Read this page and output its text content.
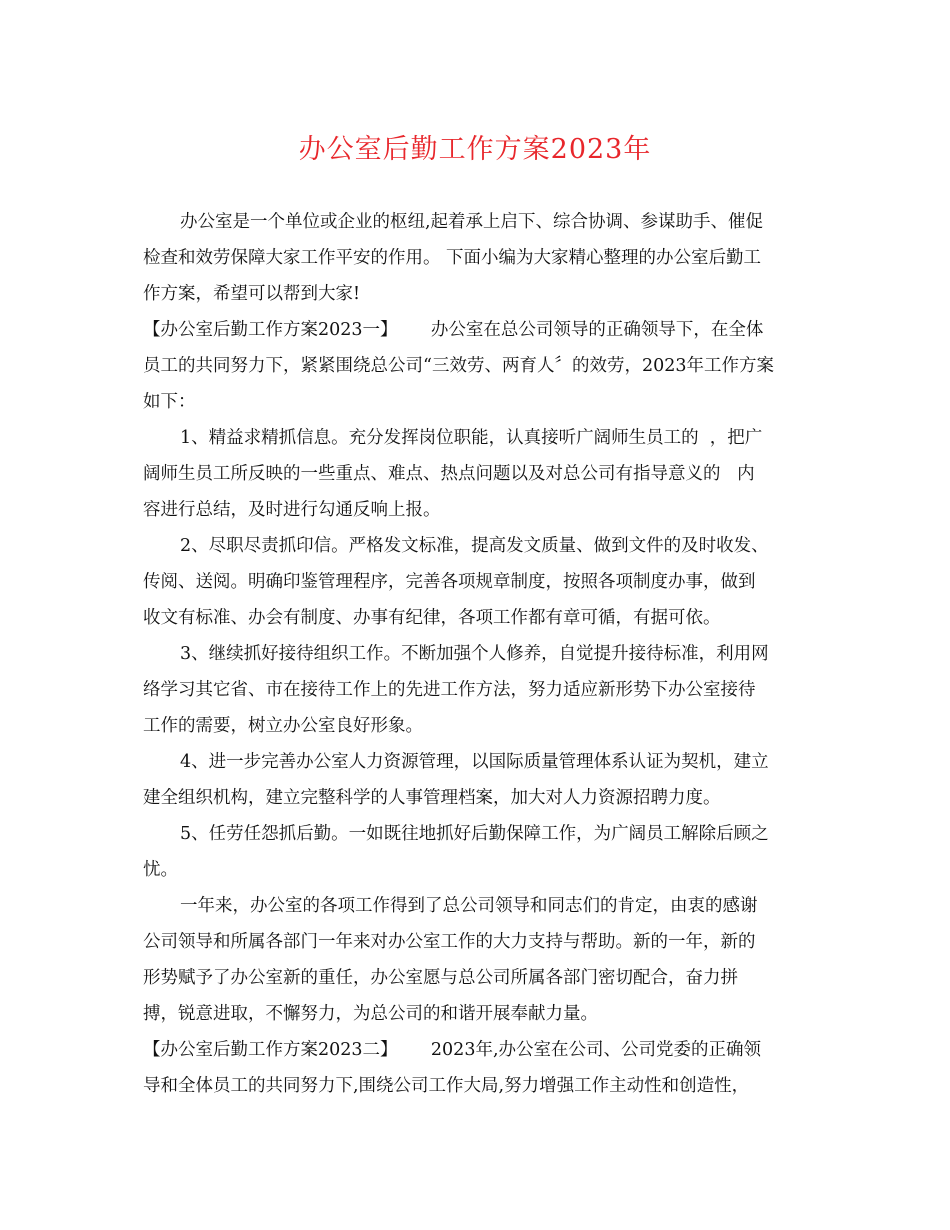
办公室后勤工作方案2023年
办公室是一个单位或企业的枢纽,起着承上启下、综合协调、参谋助手、催促
检查和效劳保障大家工作平安的作用。 下面小编为大家精心整理的办公室后勤工
作方案，希望可以帮到大家!
【办公室后勤工作方案2023一】      办公室在总公司领导的正确领导下，在全体
员工的共同努力下，紧紧围绕总公司“三效劳、两育人〞的效劳，2023年工作方案
如下：
1、精益求精抓信息。充分发挥岗位职能，认真接听广阔师生员工的  ，把广
阔师生员工所反映的一些重点、难点、热点问题以及对总公司有指导意义的   内
容进行总结，及时进行勾通反响上报。
2、尽职尽责抓印信。严格发文标准，提高发文质量、做到文件的及时收发、
传阅、送阅。明确印鉴管理程序，完善各项规章制度，按照各项制度办事，做到
收文有标准、办会有制度、办事有纪律，各项工作都有章可循，有据可依。
3、继续抓好接待组织工作。不断加强个人修养，自觉提升接待标准，利用网
络学习其它省、市在接待工作上的先进工作方法，努力适应新形势下办公室接待
工作的需要，树立办公室良好形象。
4、进一步完善办公室人力资源管理，以国际质量管理体系认证为契机，建立
建全组织机构，建立完整科学的人事管理档案，加大对人力资源招聘力度。
5、任劳任怨抓后勤。一如既往地抓好后勤保障工作，为广阔员工解除后顾之
忧。
一年来，办公室的各项工作得到了总公司领导和同志们的肯定，由衷的感谢
公司领导和所属各部门一年来对办公室工作的大力支持与帮助。新的一年，新的
形势赋予了办公室新的重任，办公室愿与总公司所属各部门密切配合，奋力拼
搏，锐意进取，不懈努力，为总公司的和谐开展奉献力量。
【办公室后勤工作方案2023二】      2023年,办公室在公司、公司党委的正确领
导和全体员工的共同努力下,围绕公司工作大局,努力增强工作主动性和创造性，
